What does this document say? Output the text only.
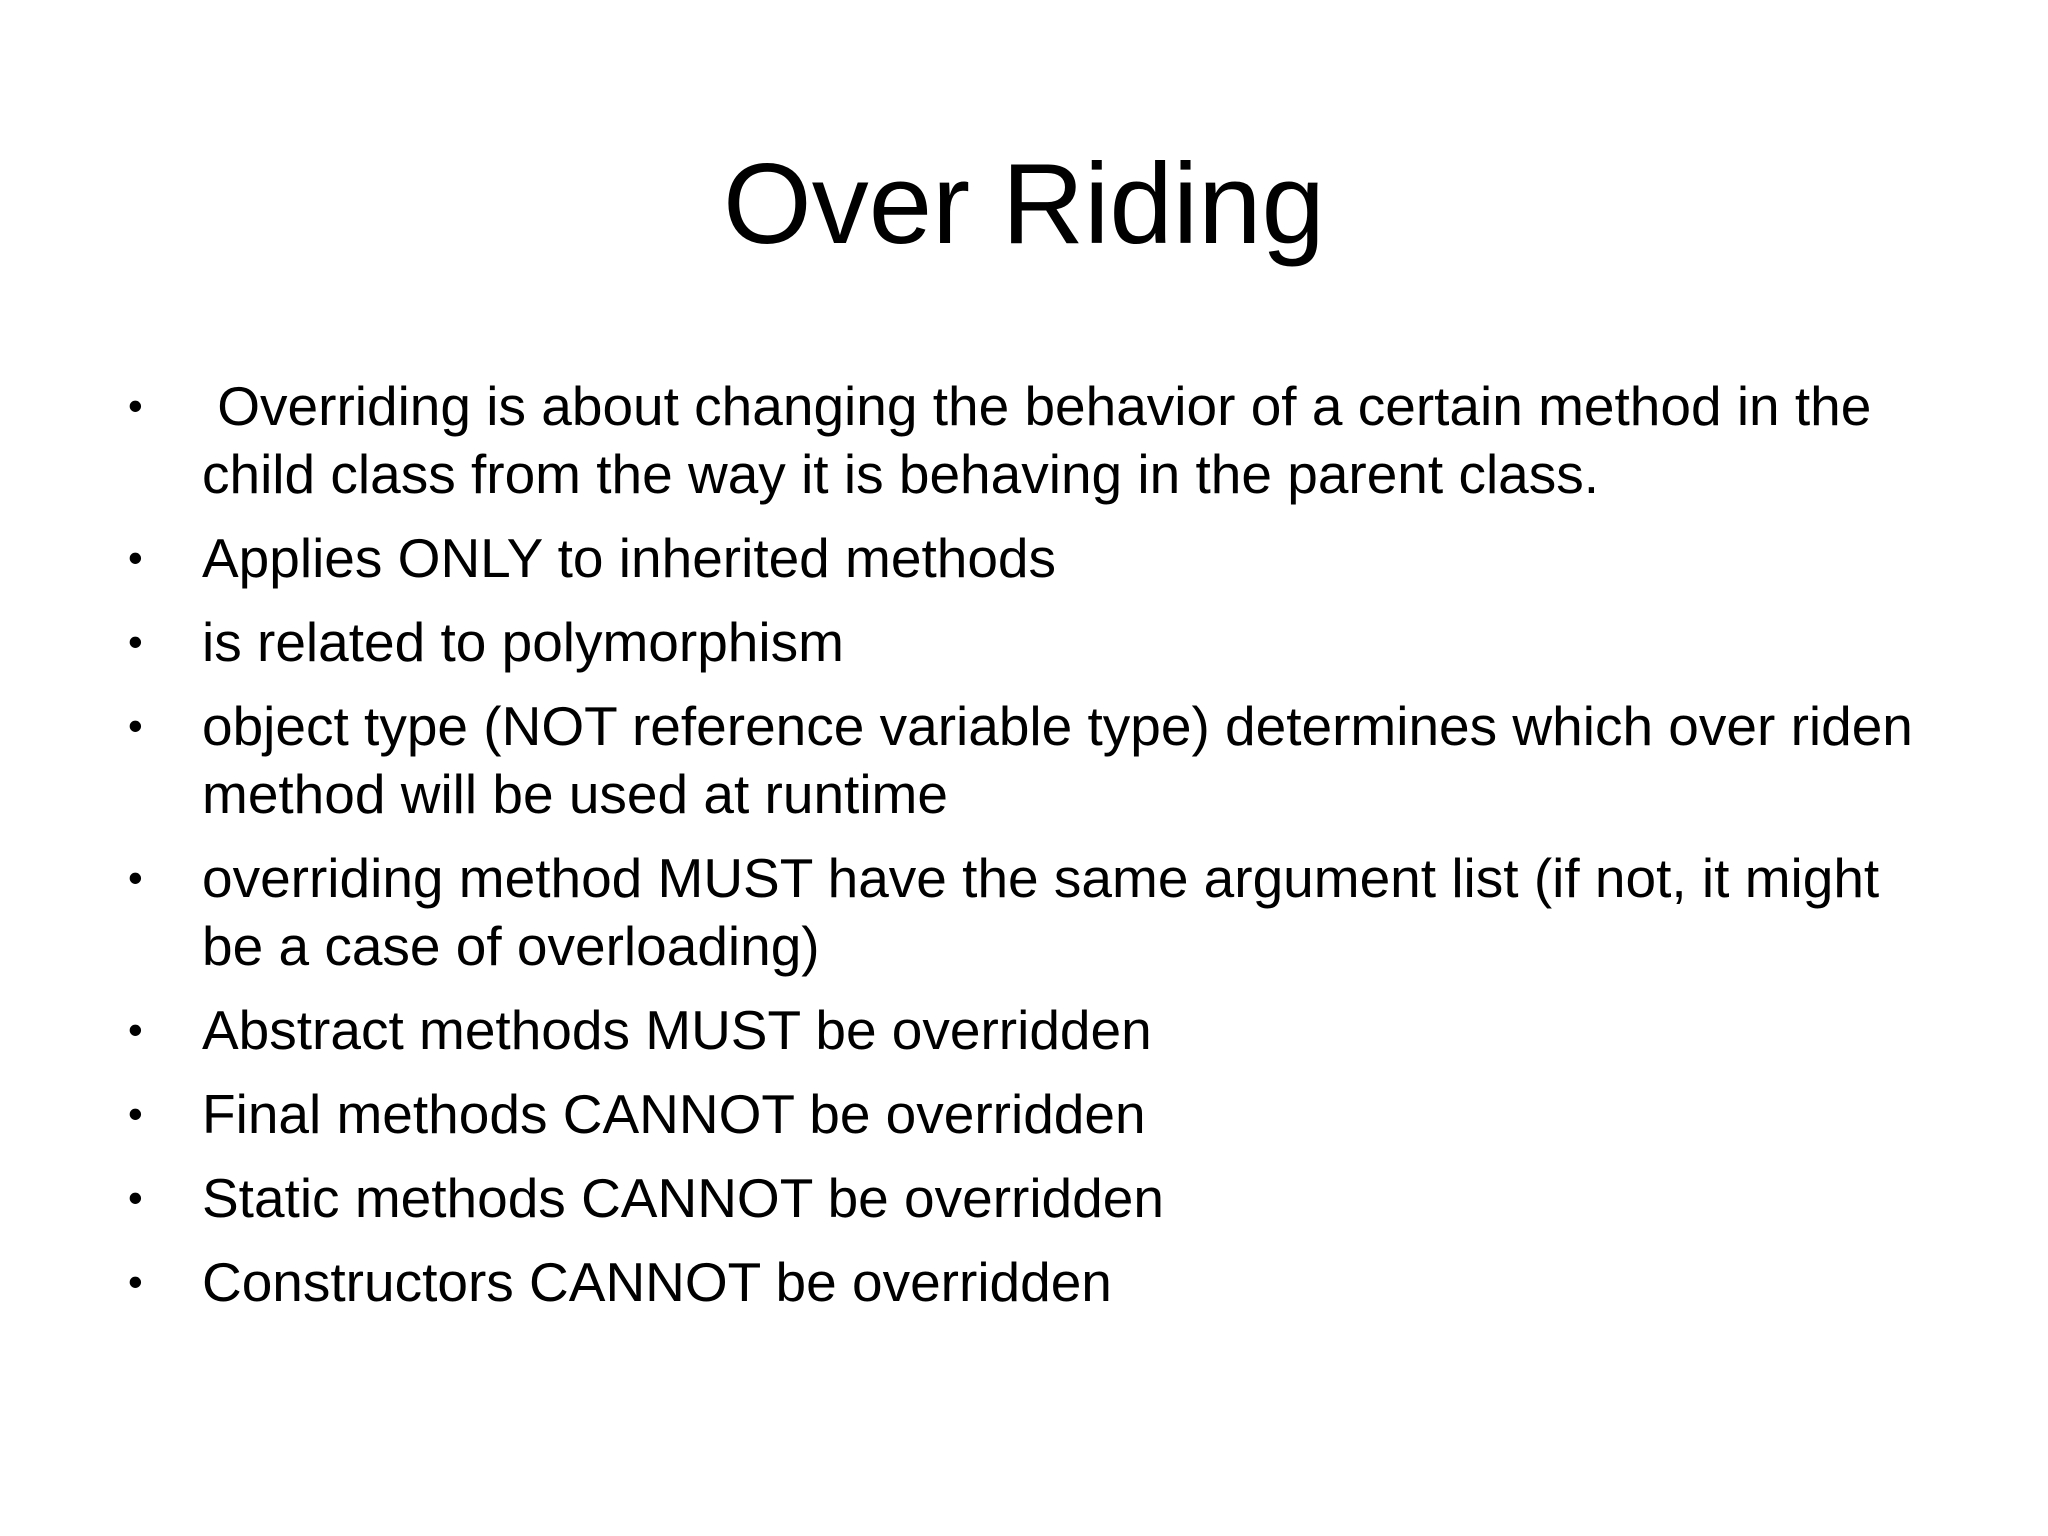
Over Riding
•	Overriding is about changing the behavior of a certain method in the child class from the way it is behaving in the parent class.
•	Applies ONLY to inherited methods
•	is related to polymorphism
•	object type (NOT reference variable type) determines which over riden method will be used at runtime
•	overriding method MUST have the same argument list (if not, it might be a case of overloading)
•	Abstract methods MUST be overridden
•	Final methods CANNOT be overridden
•	Static methods CANNOT be overridden
•	Constructors CANNOT be overridden
